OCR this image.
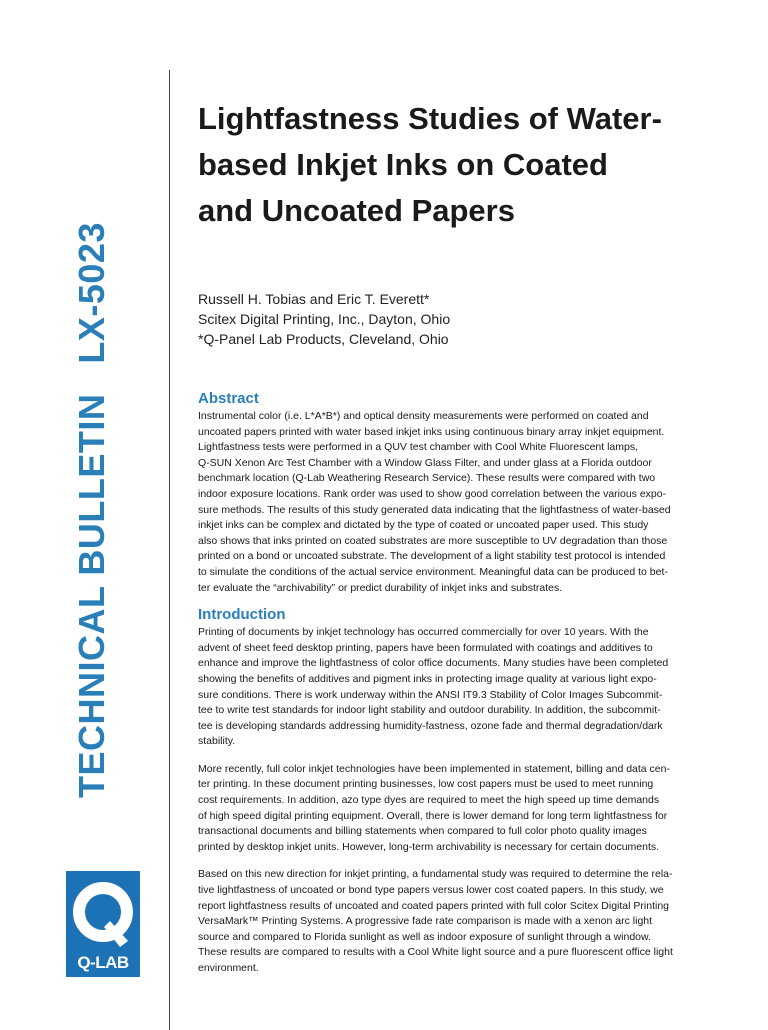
TECHNICAL BULLETINLX-5023
Q-LAB
Lightfastness Studies of Water-
based Inkjet Inks on Coated
and Uncoated Papers
Russell H. Tobias and Eric T. Everett*
Scitex Digital Printing, Inc., Dayton, Ohio
*Q-Panel Lab Products, Cleveland, Ohio
Abstract

Instrumental color (i.e. L*A*B*) and optical density measurements were performed on coated and
uncoated papers printed with water based inkjet inks using continuous binary array inkjet equipment.
Lightfastness tests were performed in a QUV test chamber with Cool White Fluorescent lamps,
Q-SUN Xenon Arc Test Chamber with a Window Glass Filter, and under glass at a Florida outdoor
benchmark location (Q-Lab Weathering Research Service). These results were compared with two
indoor exposure locations. Rank order was used to show good correlation between the various expo-
sure methods. The results of this study generated data indicating that the lightfastness of water-based
inkjet inks can be complex and dictated by the type of coated or uncoated paper used. This study
also shows that inks printed on coated substrates are more susceptible to UV degradation than those
printed on a bond or uncoated substrate. The development of a light stability test protocol is intended
to simulate the conditions of the actual service environment. Meaningful data can be produced to bet-
ter evaluate the “archivability” or predict durability of inkjet inks and substrates.

Introduction

Printing of documents by inkjet technology has occurred commercially for over 10 years. With the
advent of sheet feed desktop printing, papers have been formulated with coatings and additives to
enhance and improve the lightfastness of color office documents. Many studies have been completed
showing the benefits of additives and pigment inks in protecting image quality at various light expo-
sure conditions. There is work underway within the ANSI IT9.3 Stability of Color Images Subcommit-
tee to write test standards for indoor light stability and outdoor durability. In addition, the subcommit-
tee is developing standards addressing humidity-fastness, ozone fade and thermal degradation/dark
stability.

More recently, full color inkjet technologies have been implemented in statement, billing and data cen-
ter printing. In these document printing businesses, low cost papers must be used to meet running
cost requirements. In addition, azo type dyes are required to meet the high speed up time demands
of high speed digital printing equipment. Overall, there is lower demand for long term lightfastness for
transactional documents and billing statements when compared to full color photo quality images
printed by desktop inkjet units. However, long-term archivability is necessary for certain documents.

Based on this new direction for inkjet printing, a fundamental study was required to determine the rela-
tive lightfastness of uncoated or bond type papers versus lower cost coated papers. In this study, we
report lightfastness results of uncoated and coated papers printed with full color Scitex Digital Printing
VersaMark™ Printing Systems. A progressive fade rate comparison is made with a xenon arc light
source and compared to Florida sunlight as well as indoor exposure of sunlight through a window.
These results are compared to results with a Cool White light source and a pure fluorescent office light
environment.
